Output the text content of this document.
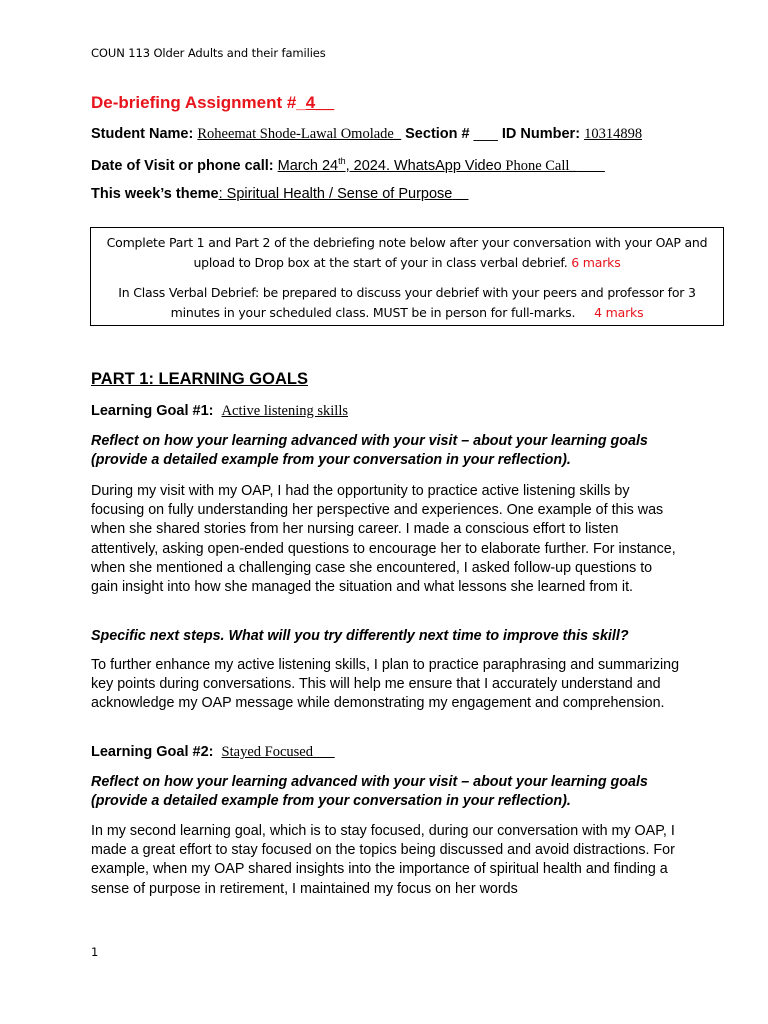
COUN 113 Older Adults and their families
De-briefing Assignment #_4__
Student Name: Roheemat Shode-Lawal Omolade_ Section # ___ ID Number: 10314898
Date of Visit or phone call: March 24th, 2024. WhatsApp Video Phone Call_
This week’s theme: Spiritual Health / Sense of Purpose

Complete Part 1 and Part 2 of the debriefing note below after your conversation with your OAP and upload to Drop box at the start of your in class verbal debrief. 6 marks

In Class Verbal Debrief: be prepared to discuss your debrief with your peers and professor for 3 minutes in your scheduled class. MUST be in person for full-marks. 4 marks

PART 1: LEARNING GOALS
Learning Goal #1: Active listening skills
Reflect on how your learning advanced with your visit – about your learning goals (provide a detailed example from your conversation in your reflection).
During my visit with my OAP, I had the opportunity to practice active listening skills by focusing on fully understanding her perspective and experiences. One example of this was when she shared stories from her nursing career. I made a conscious effort to listen attentively, asking open-ended questions to encourage her to elaborate further. For instance, when she mentioned a challenging case she encountered, I asked follow-up questions to gain insight into how she managed the situation and what lessons she learned from it.
Specific next steps. What will you try differently next time to improve this skill?
To further enhance my active listening skills, I plan to practice paraphrasing and summarizing key points during conversations. This will help me ensure that I accurately understand and acknowledge my OAP message while demonstrating my engagement and comprehension.
Learning Goal #2: Stayed Focused
Reflect on how your learning advanced with your visit – about your learning goals (provide a detailed example from your conversation in your reflection).
In my second learning goal, which is to stay focused, during our conversation with my OAP, I made a great effort to stay focused on the topics being discussed and avoid distractions. For example, when my OAP shared insights into the importance of spiritual health and finding a sense of purpose in retirement, I maintained my focus on her words
1
